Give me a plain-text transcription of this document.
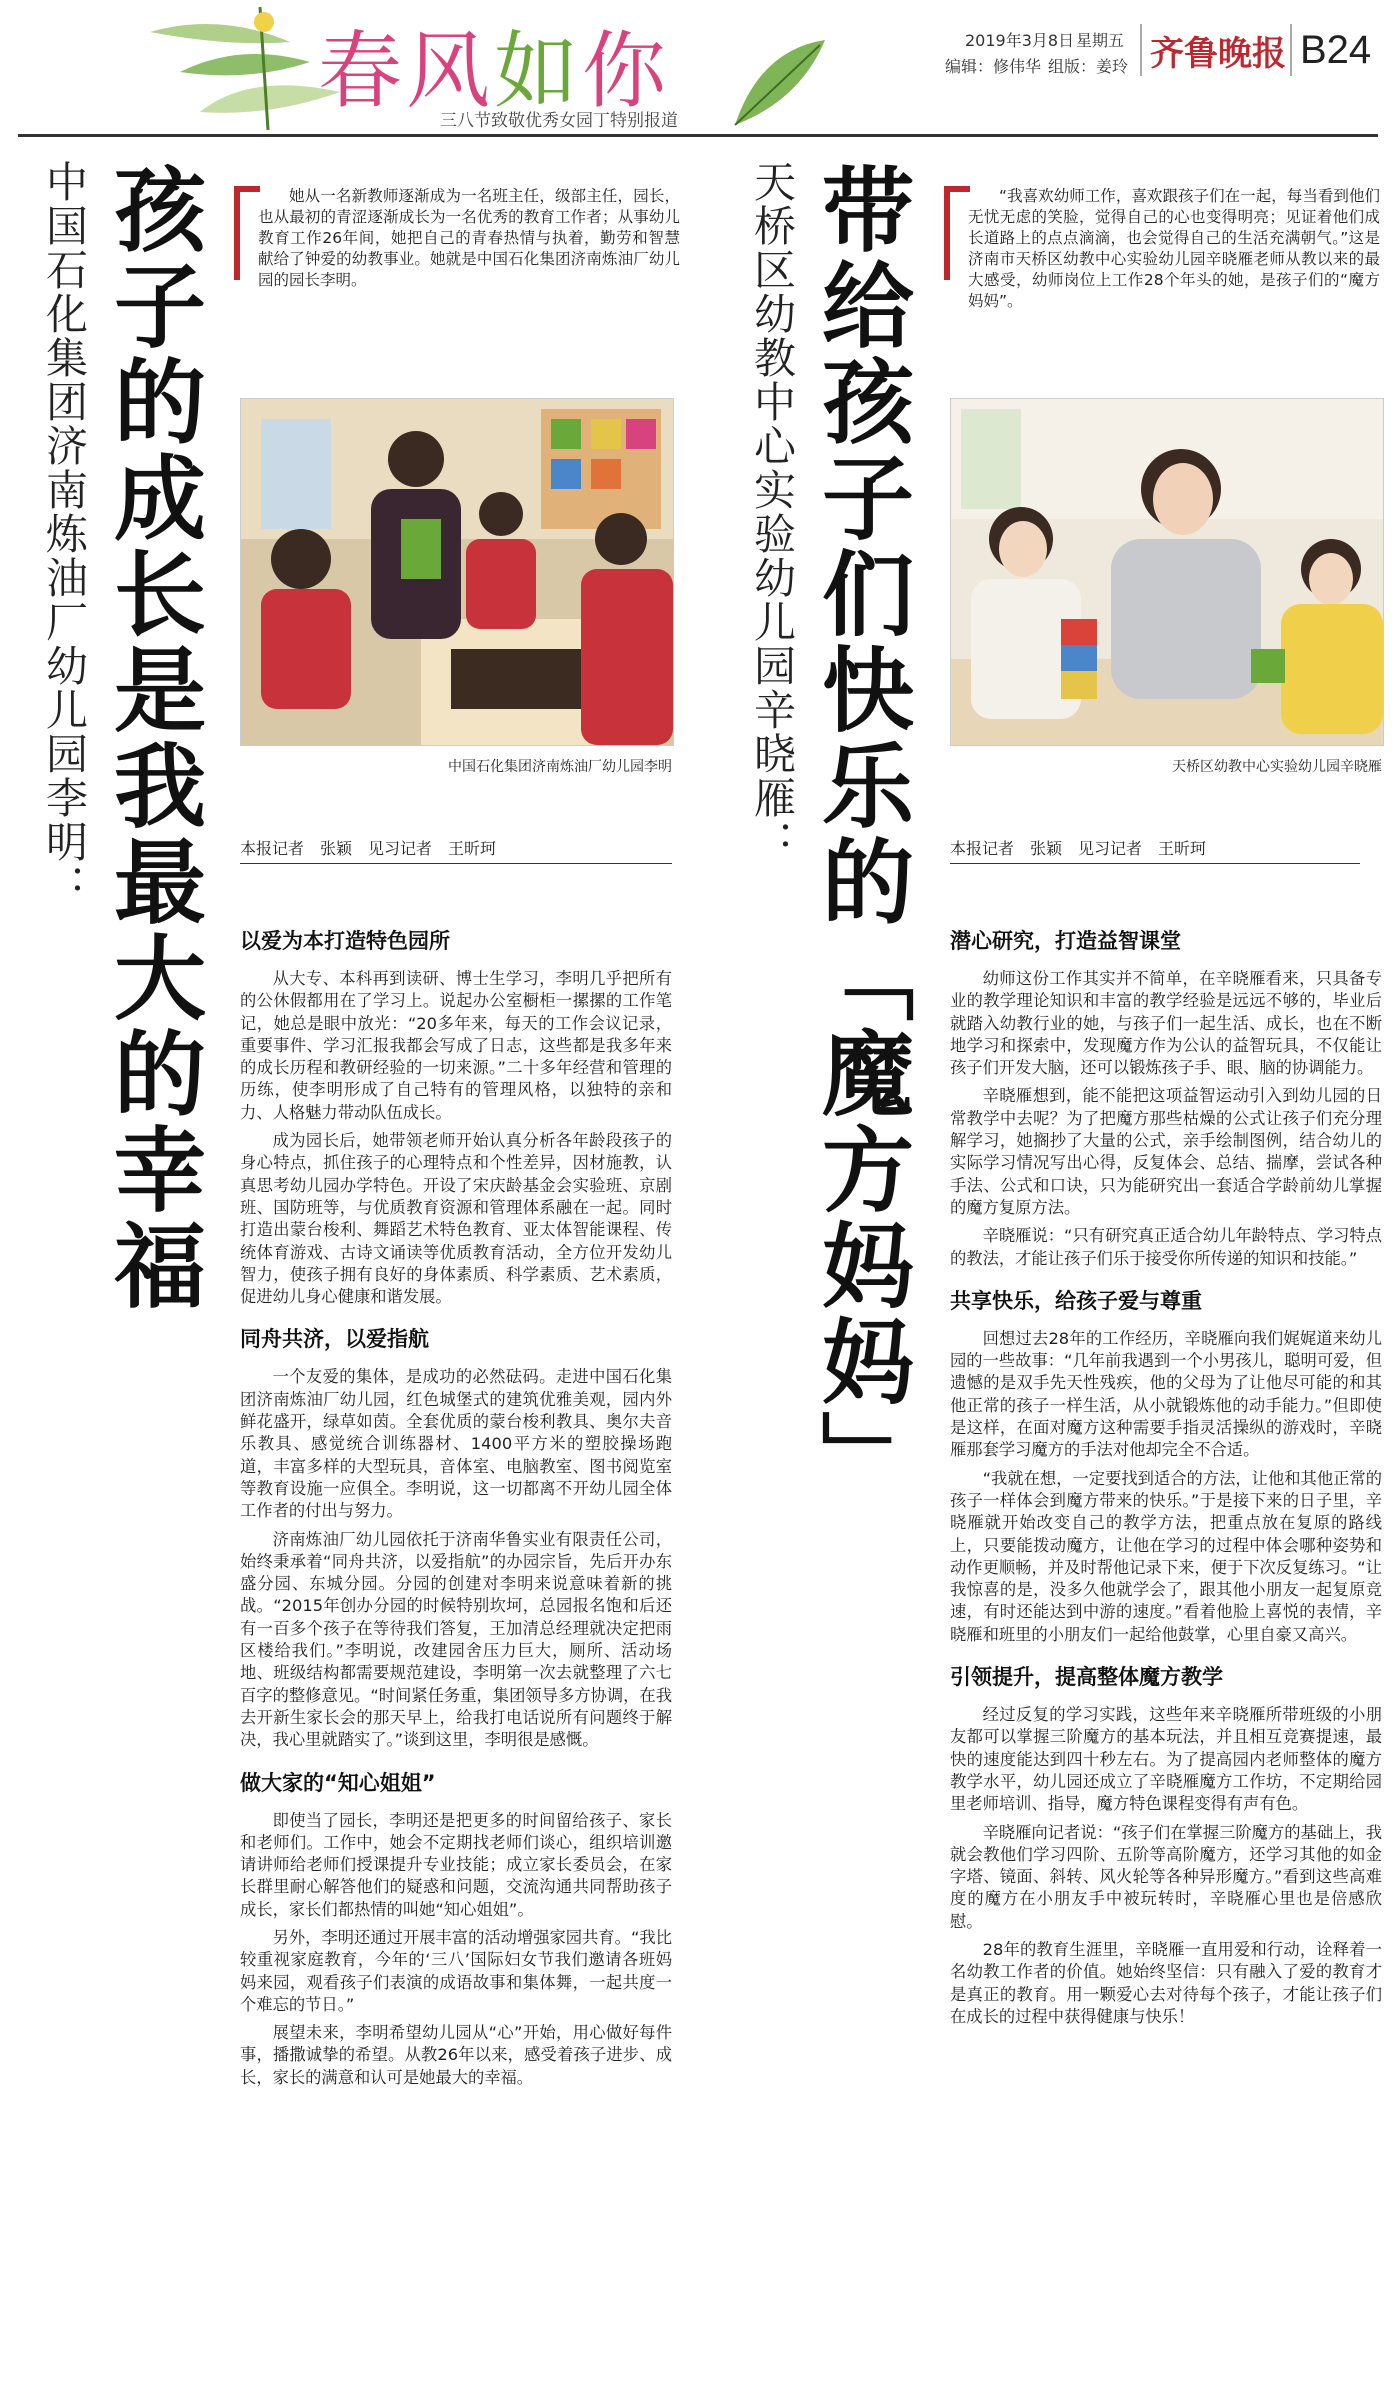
春风如你
三八节致敬优秀女园丁特别报道
2019年3月8日 星期五
编辑：修伟华 组版：姜玲 齐鲁晚报 B24
中国石化集团济南炼油厂幼儿园李明： 孩子的成长是我最大的幸福	她从一名新教师逐渐成为一名班主任，级部主任，园长，也从最初的青涩逐渐成长为一名优秀的教育工作者；从事幼儿教育工作26年间，她把自己的青春热情与执着，勤劳和智慧献给了钟爱的幼教事业。她就是中国石化集团济南炼油厂幼儿园的园长李明。
中国石化集团济南炼油厂幼儿园李明
本报记者　张颖　见习记者　王昕珂
以爱为本打造特色园所

从大专、本科再到读研、博士生学习，李明几乎把所有的公休假都用在了学习上。说起办公室橱柜一摞摞的工作笔记，她总是眼中放光：“20多年来，每天的工作会议记录，重要事件、学习汇报我都会写成了日志，这些都是我多年来的成长历程和教研经验的一切来源。”二十多年经营和管理的历练，使李明形成了自己特有的管理风格，以独特的亲和力、人格魅力带动队伍成长。

成为园长后，她带领老师开始认真分析各年龄段孩子的身心特点，抓住孩子的心理特点和个性差异，因材施教，认真思考幼儿园办学特色。开设了宋庆龄基金会实验班、京剧班、国防班等，与优质教育资源和管理体系融在一起。同时打造出蒙台梭利、舞蹈艺术特色教育、亚太体智能课程、传统体育游戏、古诗文诵读等优质教育活动，全方位开发幼儿智力，使孩子拥有良好的身体素质、科学素质、艺术素质，促进幼儿身心健康和谐发展。

同舟共济，以爱指航

一个友爱的集体，是成功的必然砝码。走进中国石化集团济南炼油厂幼儿园，红色城堡式的建筑优雅美观，园内外鲜花盛开，绿草如茵。全套优质的蒙台梭利教具、奥尔夫音乐教具、感觉统合训练器材、1400平方米的塑胶操场跑道，丰富多样的大型玩具，音体室、电脑教室、图书阅览室等教育设施一应俱全。李明说，这一切都离不开幼儿园全体工作者的付出与努力。

济南炼油厂幼儿园依托于济南华鲁实业有限责任公司，始终秉承着“同舟共济，以爱指航”的办园宗旨，先后开办东盛分园、东城分园。分园的创建对李明来说意味着新的挑战。“2015年创办分园的时候特别坎坷，总园报名饱和后还有一百多个孩子在等待我们答复，王加清总经理就决定把雨区楼给我们。”李明说，改建园舍压力巨大，厕所、活动场地、班级结构都需要规范建设，李明第一次去就整理了六七百字的整修意见。“时间紧任务重，集团领导多方协调，在我去开新生家长会的那天早上，给我打电话说所有问题终于解决，我心里就踏实了。”谈到这里，李明很是感慨。

做大家的“知心姐姐”

即使当了园长，李明还是把更多的时间留给孩子、家长和老师们。工作中，她会不定期找老师们谈心，组织培训邀请讲师给老师们授课提升专业技能；成立家长委员会，在家长群里耐心解答他们的疑惑和问题，交流沟通共同帮助孩子成长，家长们都热情的叫她“知心姐姐”。

另外，李明还通过开展丰富的活动增强家园共育。“我比较重视家庭教育，今年的‘三八’国际妇女节我们邀请各班妈妈来园，观看孩子们表演的成语故事和集体舞，一起共度一个难忘的节日。”

展望未来，李明希望幼儿园从“心”开始，用心做好每件事，播撒诚挚的希望。从教26年以来，感受着孩子进步、成长，家长的满意和认可是她最大的幸福。

天桥区幼教中心实验幼儿园辛晓雁： 带给孩子们快乐的「魔方妈妈」	“我喜欢幼师工作，喜欢跟孩子们在一起，每当看到他们无忧无虑的笑脸，觉得自己的心也变得明亮；见证着他们成长道路上的点点滴滴，也会觉得自己的生活充满朝气。”这是济南市天桥区幼教中心实验幼儿园辛晓雁老师从教以来的最大感受，幼师岗位上工作28个年头的她，是孩子们的“魔方妈妈”。
天桥区幼教中心实验幼儿园辛晓雁
本报记者　张颖　见习记者　王昕珂
潜心研究，打造益智课堂

幼师这份工作其实并不简单，在辛晓雁看来，只具备专业的教学理论知识和丰富的教学经验是远远不够的，毕业后就踏入幼教行业的她，与孩子们一起生活、成长，也在不断地学习和探索中，发现魔方作为公认的益智玩具，不仅能让孩子们开发大脑，还可以锻炼孩子手、眼、脑的协调能力。

辛晓雁想到，能不能把这项益智运动引入到幼儿园的日常教学中去呢？为了把魔方那些枯燥的公式让孩子们充分理解学习，她搁抄了大量的公式，亲手绘制图例，结合幼儿的实际学习情况写出心得，反复体会、总结、揣摩，尝试各种手法、公式和口诀，只为能研究出一套适合学龄前幼儿掌握的魔方复原方法。

辛晓雁说：“只有研究真正适合幼儿年龄特点、学习特点的教法，才能让孩子们乐于接受你所传递的知识和技能。”

共享快乐，给孩子爱与尊重

回想过去28年的工作经历，辛晓雁向我们娓娓道来幼儿园的一些故事：“几年前我遇到一个小男孩儿，聪明可爱，但遗憾的是双手先天性残疾，他的父母为了让他尽可能的和其他正常的孩子一样生活，从小就锻炼他的动手能力。”但即使是这样，在面对魔方这种需要手指灵活操纵的游戏时，辛晓雁那套学习魔方的手法对他却完全不合适。

“我就在想，一定要找到适合的方法，让他和其他正常的孩子一样体会到魔方带来的快乐。”于是接下来的日子里，辛晓雁就开始改变自己的教学方法，把重点放在复原的路线上，只要能拨动魔方，让他在学习的过程中体会哪种姿势和动作更顺畅，并及时帮他记录下来，便于下次反复练习。“让我惊喜的是，没多久他就学会了，跟其他小朋友一起复原竞速，有时还能达到中游的速度。”看着他脸上喜悦的表情，辛晓雁和班里的小朋友们一起给他鼓掌，心里自豪又高兴。

引领提升，提高整体魔方教学

经过反复的学习实践，这些年来辛晓雁所带班级的小朋友都可以掌握三阶魔方的基本玩法，并且相互竞赛提速，最快的速度能达到四十秒左右。为了提高园内老师整体的魔方教学水平，幼儿园还成立了辛晓雁魔方工作坊，不定期给园里老师培训、指导，魔方特色课程变得有声有色。

辛晓雁向记者说：“孩子们在掌握三阶魔方的基础上，我就会教他们学习四阶、五阶等高阶魔方，还学习其他的如金字塔、镜面、斜转、风火轮等各种异形魔方。”看到这些高难度的魔方在小朋友手中被玩转时，辛晓雁心里也是倍感欣慰。

28年的教育生涯里，辛晓雁一直用爱和行动，诠释着一名幼教工作者的价值。她始终坚信：只有融入了爱的教育才是真正的教育。用一颗爱心去对待每个孩子，才能让孩子们在成长的过程中获得健康与快乐！
